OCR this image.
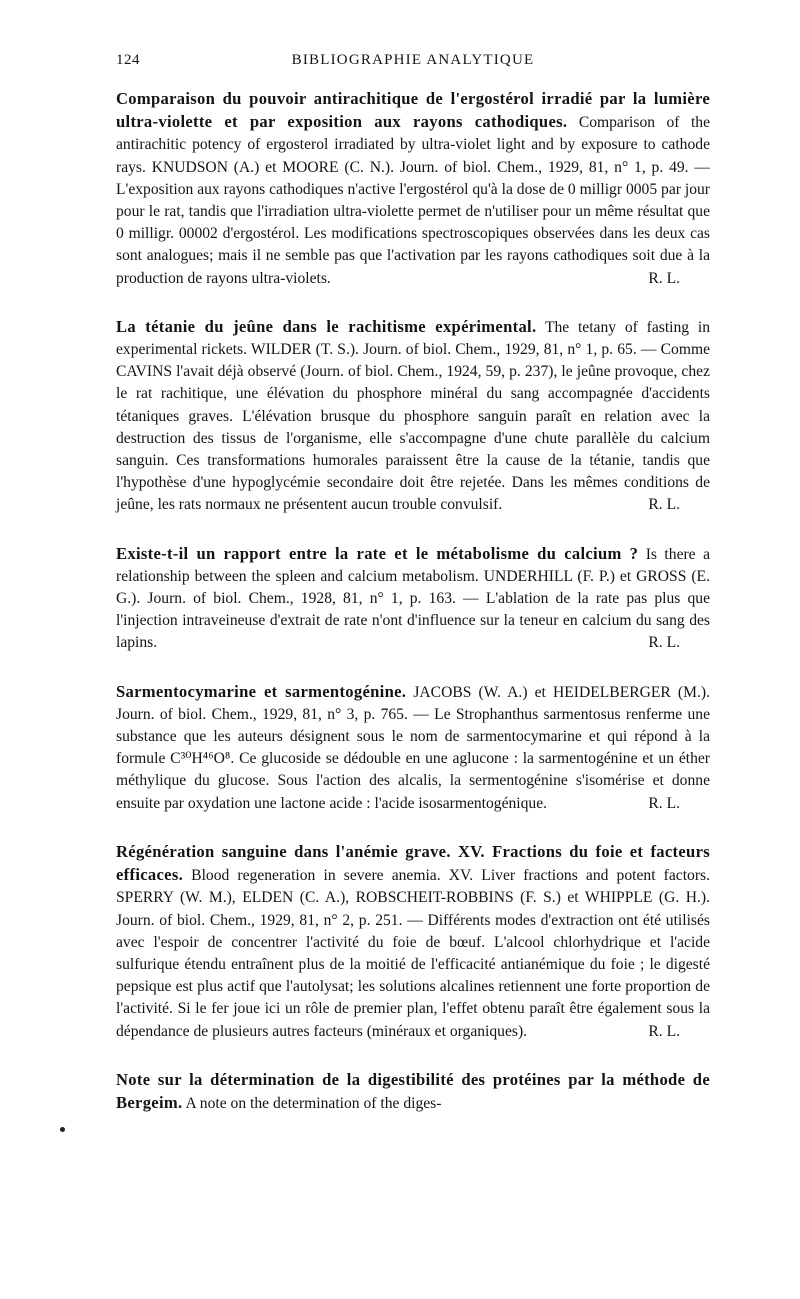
124	BIBLIOGRAPHIE ANALYTIQUE

Comparaison du pouvoir antirachitique de l'ergostérol irradié par la lumière ultra-violette et par exposition aux rayons cathodiques. Comparison of the antirachitic potency of ergosterol irradiated by ultra-violet light and by exposure to cathode rays. KNUDSON (A.) et MOORE (C. N.). Journ. of biol. Chem., 1929, 81, n° 1, p. 49. — L'exposition aux rayons cathodiques n'active l'ergostérol qu'à la dose de 0 milligr 0005 par jour pour le rat, tandis que l'irradiation ultra-violette permet de n'utiliser pour un même résultat que 0 milligr. 00002 d'ergostérol. Les modifications spectroscopiques observées dans les deux cas sont analogues; mais il ne semble pas que l'activation par les rayons cathodiques soit due à la production de rayons ultra-violets.	R. L.

La tétanie du jeûne dans le rachitisme expérimental. The tetany of fasting in experimental rickets. WILDER (T. S.). Journ. of biol. Chem., 1929, 81, n° 1, p. 65. — Comme CAVINS l'avait déjà observé (Journ. of biol. Chem., 1924, 59, p. 237), le jeûne provoque, chez le rat rachitique, une élévation du phosphore minéral du sang accompagnée d'accidents tétaniques graves. L'élévation brusque du phosphore sanguin paraît en relation avec la destruction des tissus de l'organisme, elle s'accompagne d'une chute parallèle du calcium sanguin. Ces transformations humorales paraissent être la cause de la tétanie, tandis que l'hypothèse d'une hypoglycémie secondaire doit être rejetée. Dans les mêmes conditions de jeûne, les rats normaux ne présentent aucun trouble convulsif.	R. L.

Existe-t-il un rapport entre la rate et le métabolisme du calcium ? Is there a relationship between the spleen and calcium metabolism. UNDERHILL (F. P.) et GROSS (E. G.). Journ. of biol. Chem., 1928, 81, n° 1, p. 163. — L'ablation de la rate pas plus que l'injection intraveineuse d'extrait de rate n'ont d'influence sur la teneur en calcium du sang des lapins.	R. L.

Sarmentocymarine et sarmentogénine. JACOBS (W. A.) et HEIDELBERGER (M.). Journ. of biol. Chem., 1929, 81, n° 3, p. 765. — Le Strophanthus sarmentosus renferme une substance que les auteurs désignent sous le nom de sarmentocymarine et qui répond à la formule C³⁰H⁴⁶O⁸. Ce glucoside se dédouble en une aglucone : la sarmentogénine et un éther méthylique du glucose. Sous l'action des alcalis, la sermentogénine s'isomérise et donne ensuite par oxydation une lactone acide : l'acide isosarmentogénique.	R. L.

Régénération sanguine dans l'anémie grave. XV. Fractions du foie et facteurs efficaces. Blood regeneration in severe anemia. XV. Liver fractions and potent factors. SPERRY (W. M.), ELDEN (C. A.), ROBSCHEIT-ROBBINS (F. S.) et WHIPPLE (G. H.). Journ. of biol. Chem., 1929, 81, n° 2, p. 251. — Différents modes d'extraction ont été utilisés avec l'espoir de concentrer l'activité du foie de bœuf. L'alcool chlorhydrique et l'acide sulfurique étendu entraînent plus de la moitié de l'efficacité antianémique du foie ; le digesté pepsique est plus actif que l'autolysat; les solutions alcalines retiennent une forte proportion de l'activité. Si le fer joue ici un rôle de premier plan, l'effet obtenu paraît être également sous la dépendance de plusieurs autres facteurs (minéraux et organiques).	R. L.

Note sur la détermination de la digestibilité des protéines par la méthode de Bergeim. A note on the determination of the diges-
